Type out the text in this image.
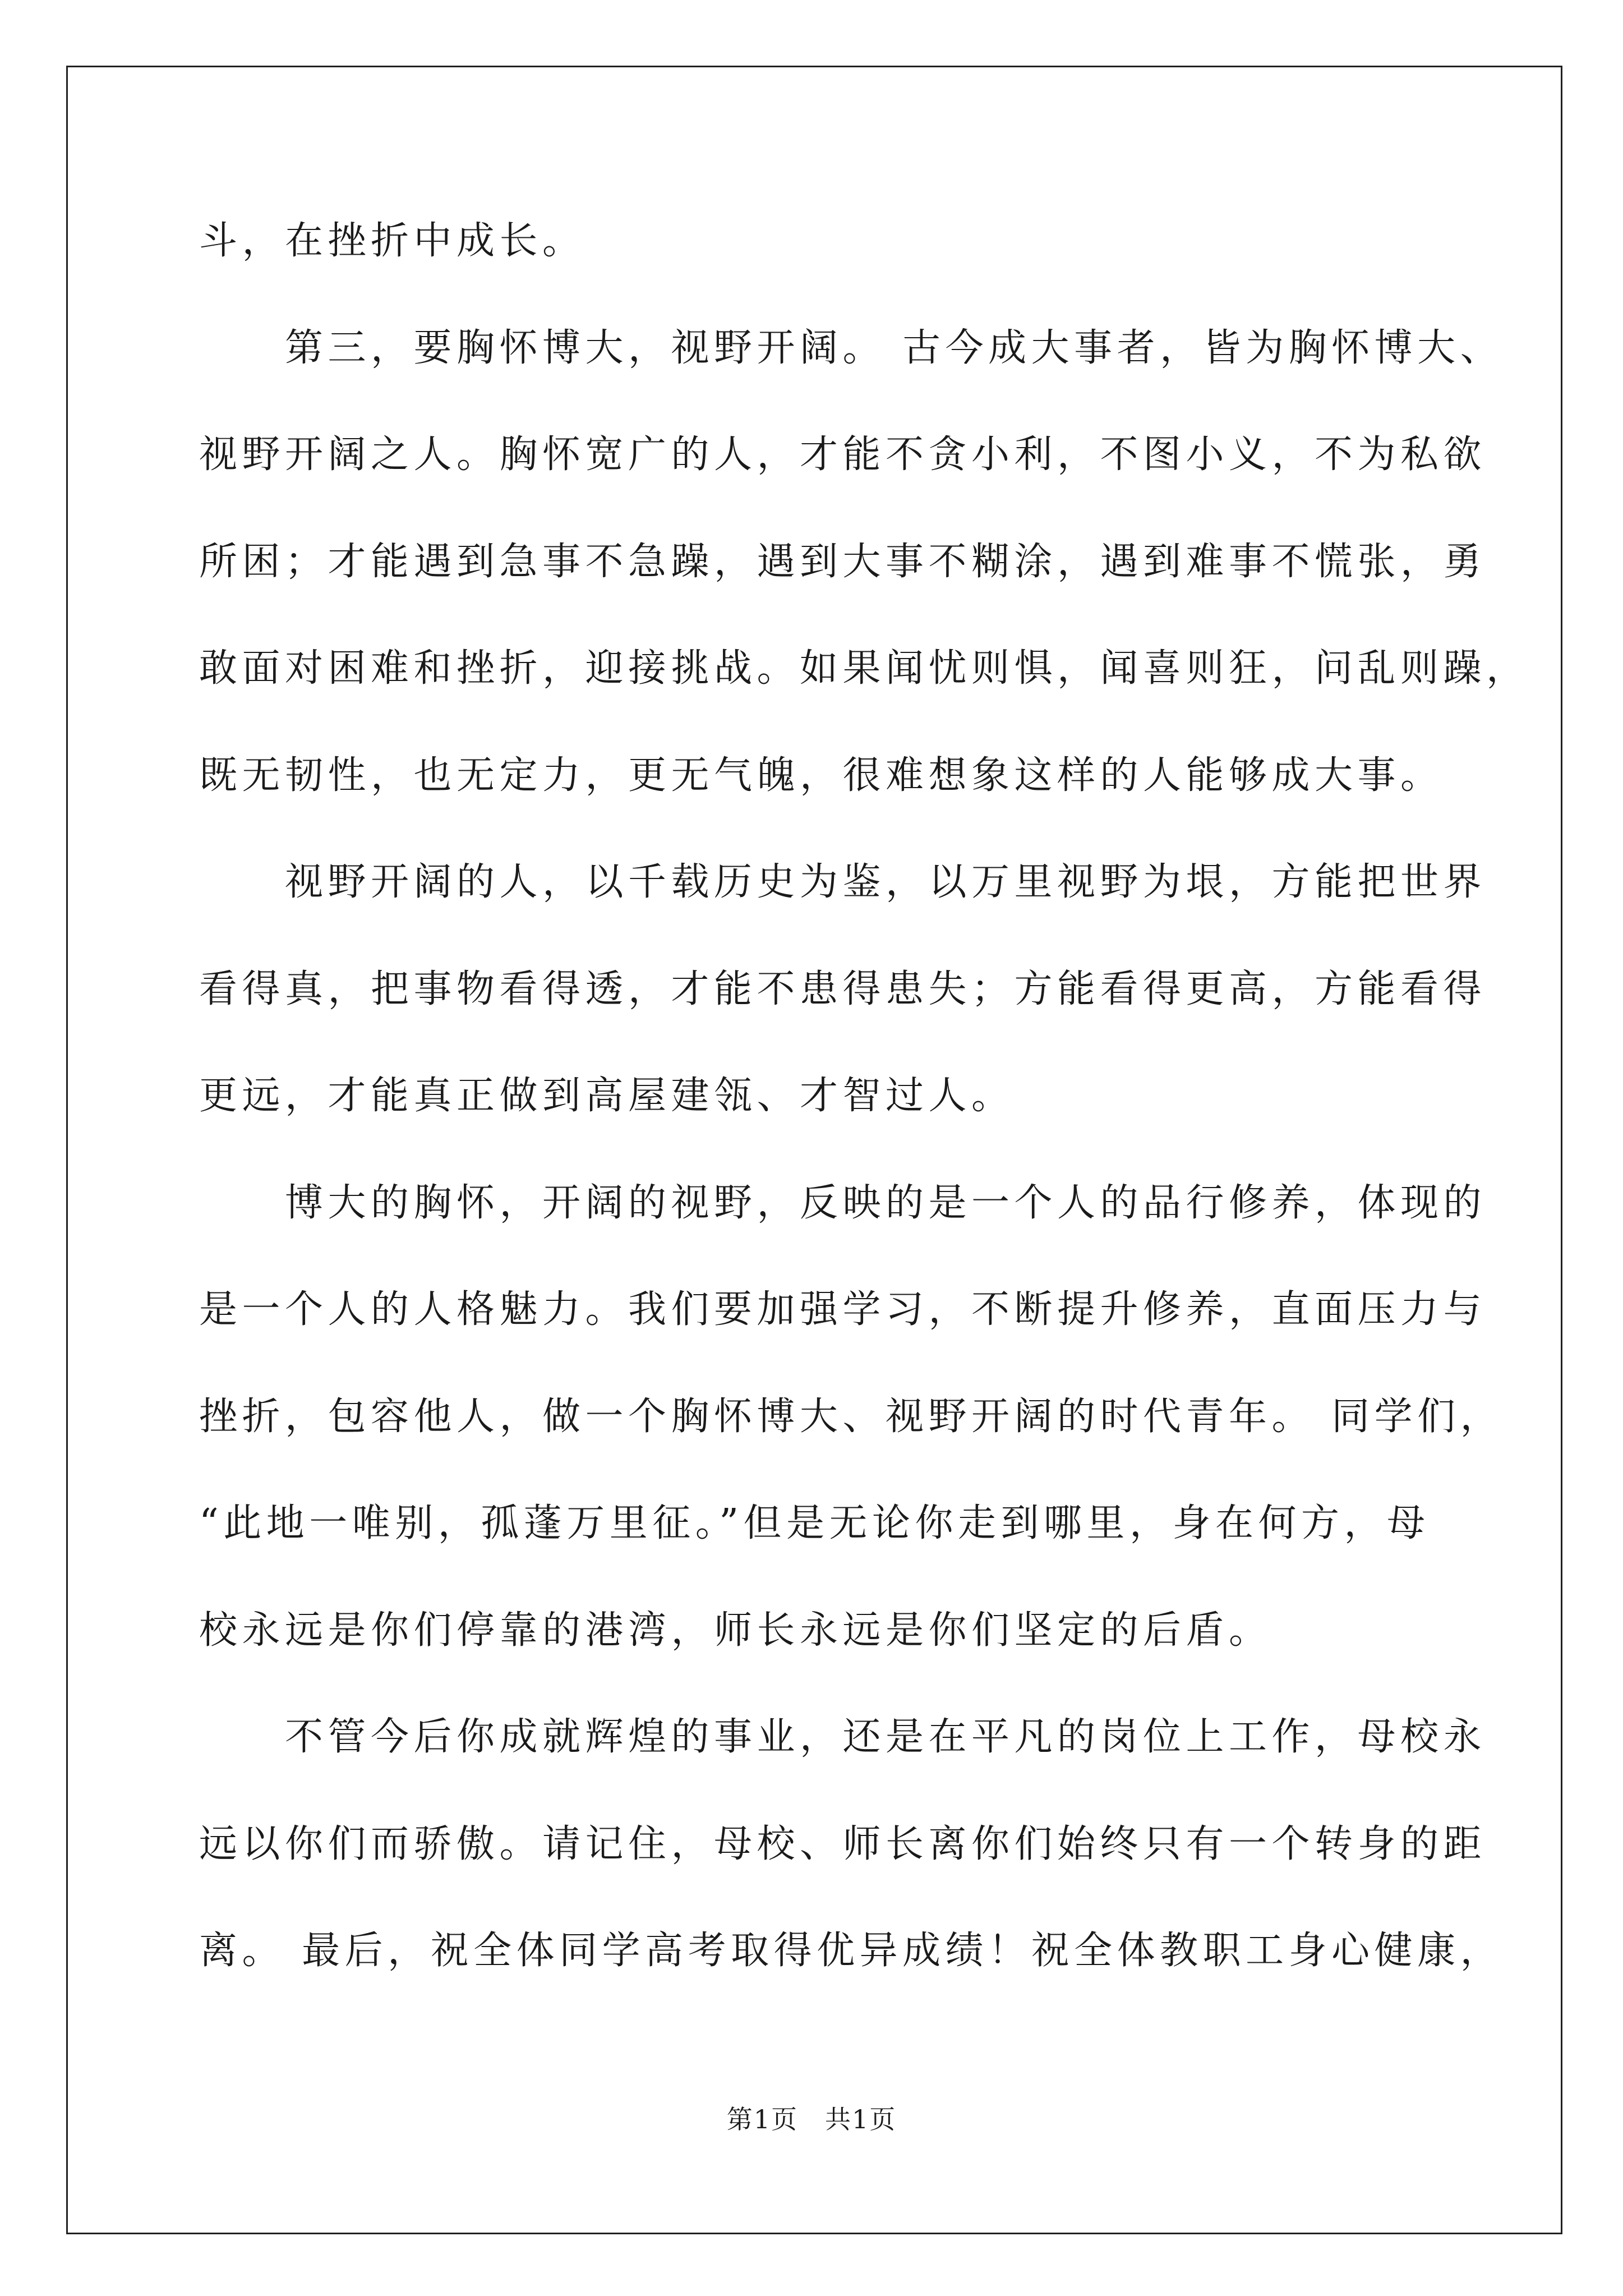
斗，在挫折中成长。
　　第三，要胸怀博大，视野开阔。 古今成大事者，皆为胸怀博大、
视野开阔之人。胸怀宽广的人，才能不贪小利，不图小义，不为私欲
所困；才能遇到急事不急躁，遇到大事不糊涂，遇到难事不慌张，勇
敢面对困难和挫折，迎接挑战。如果闻忧则惧，闻喜则狂，问乱则躁，
既无韧性，也无定力，更无气魄，很难想象这样的人能够成大事。
　　视野开阔的人，以千载历史为鉴，以万里视野为垠，方能把世界
看得真，把事物看得透，才能不患得患失；方能看得更高，方能看得
更远，才能真正做到高屋建瓴、才智过人。
　　博大的胸怀，开阔的视野，反映的是一个人的品行修养，体现的
是一个人的人格魅力。我们要加强学习，不断提升修养，直面压力与
挫折，包容他人，做一个胸怀博大、视野开阔的时代青年。 同学们，
“此地一唯别，孤蓬万里征。”但是无论你走到哪里，身在何方，母
校永远是你们停靠的港湾，师长永远是你们坚定的后盾。
　　不管今后你成就辉煌的事业，还是在平凡的岗位上工作，母校永
远以你们而骄傲。请记住，母校、师长离你们始终只有一个转身的距
离。 最后，祝全体同学高考取得优异成绩！祝全体教职工身心健康，
第1页　共1页
